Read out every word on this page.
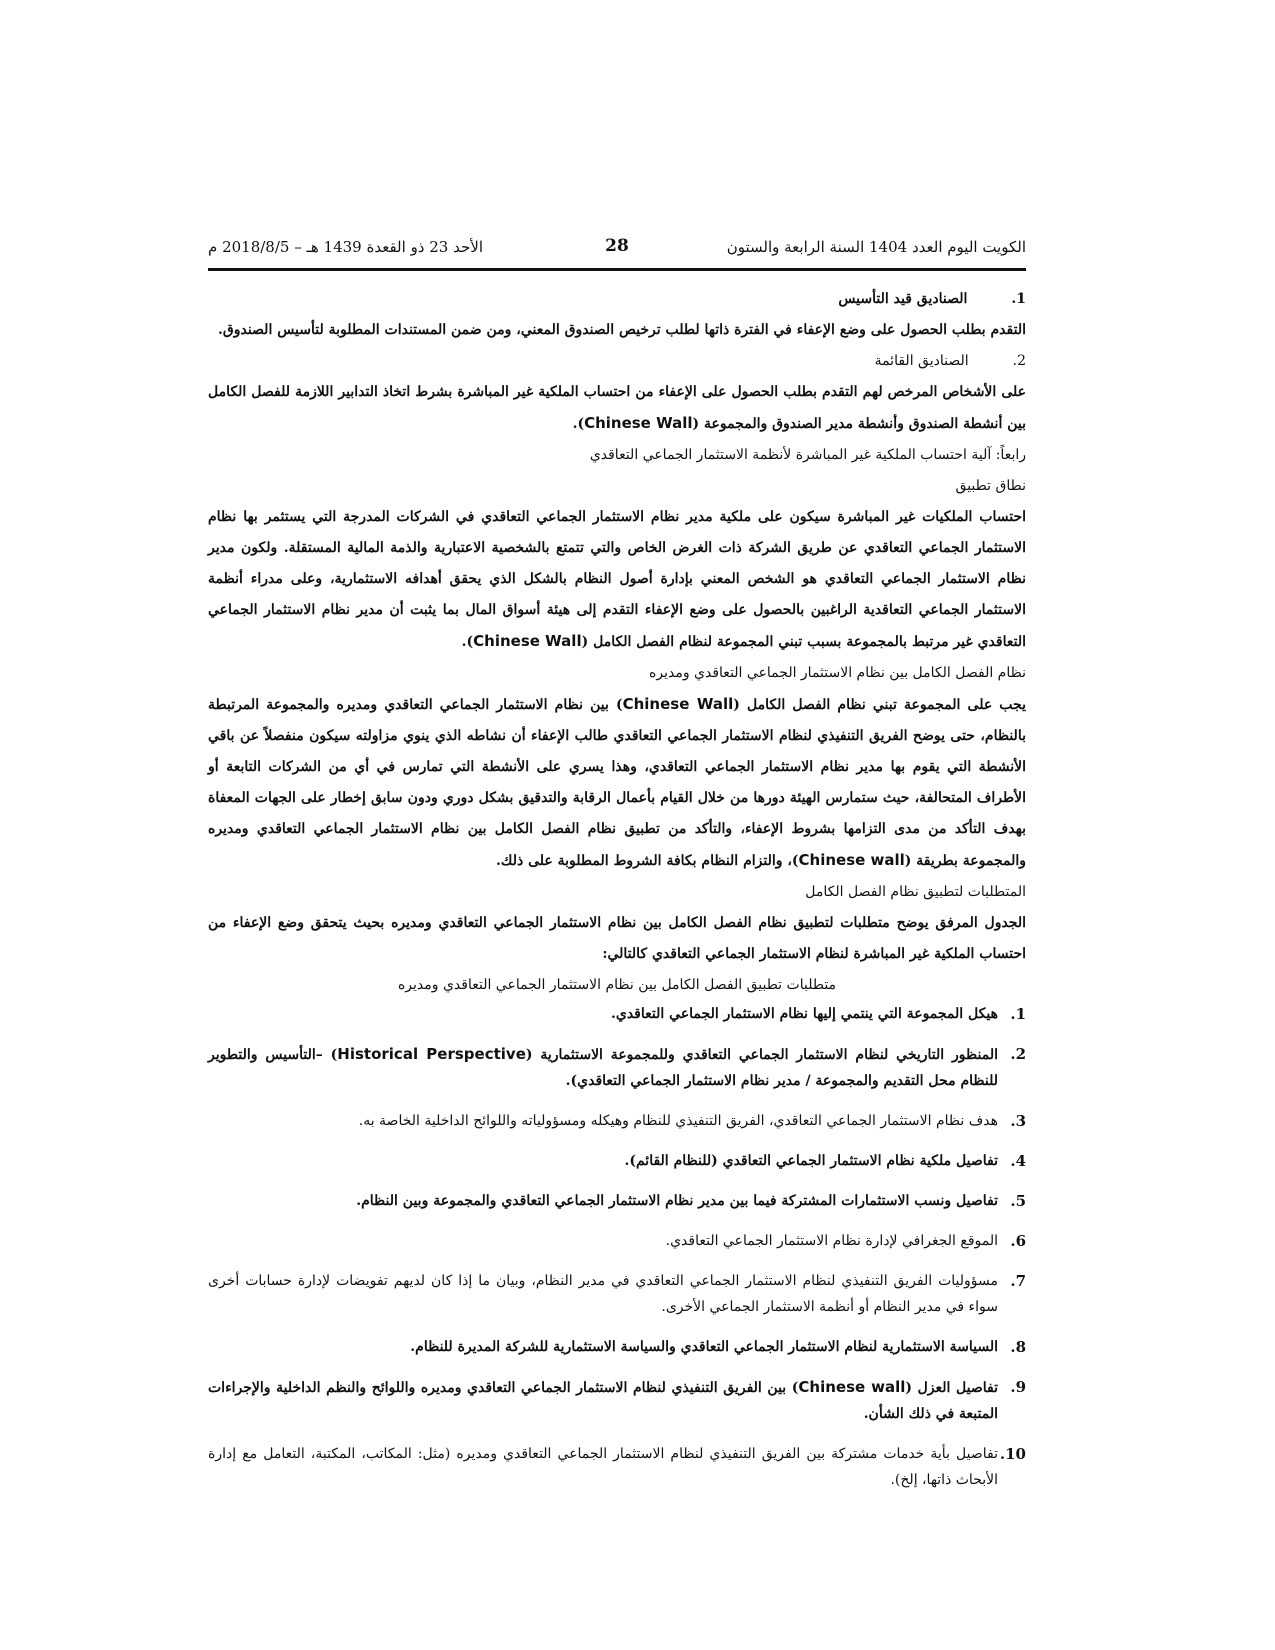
الكويت اليوم العدد 1404 السنة الرابعة والستون
28
الأحد 23 ذو القعدة 1439 هـ – 2018/8/5 م

1.
الصناديق قيد التأسيس

التقدم بطلب الحصول على وضع الإعفاء في الفترة ذاتها لطلب ترخيص الصندوق المعني، ومن ضمن المستندات المطلوبة لتأسيس الصندوق.

2.
الصناديق القائمة

على الأشخاص المرخص لهم التقدم بطلب الحصول على الإعفاء من احتساب الملكية غير المباشرة بشرط اتخاذ التدابير اللازمة للفصل الكامل بين أنشطة الصندوق وأنشطة مدير الصندوق والمجموعة (Chinese Wall).

رابعاً: آلية احتساب الملكية غير المباشرة لأنظمة الاستثمار الجماعي التعاقدي

نطاق تطبيق

احتساب الملكيات غير المباشرة سيكون على ملكية مدير نظام الاستثمار الجماعي التعاقدي في الشركات المدرجة التي يستثمر بها نظام الاستثمار الجماعي التعاقدي عن طريق الشركة ذات الغرض الخاص والتي تتمتع بالشخصية الاعتبارية والذمة المالية المستقلة. ولكون مدير نظام الاستثمار الجماعي التعاقدي هو الشخص المعني بإدارة أصول النظام بالشكل الذي يحقق أهدافه الاستثمارية، وعلى مدراء أنظمة الاستثمار الجماعي التعاقدية الراغبين بالحصول على وضع الإعفاء التقدم إلى هيئة أسواق المال بما يثبت أن مدير نظام الاستثمار الجماعي التعاقدي غير مرتبط بالمجموعة بسبب تبني المجموعة لنظام الفصل الكامل (Chinese Wall).

نظام الفصل الكامل بين نظام الاستثمار الجماعي التعاقدي ومديره

يجب على المجموعة تبني نظام الفصل الكامل (Chinese Wall) بين نظام الاستثمار الجماعي التعاقدي ومديره والمجموعة المرتبطة بالنظام، حتى يوضح الفريق التنفيذي لنظام الاستثمار الجماعي التعاقدي طالب الإعفاء أن نشاطه الذي ينوي مزاولته سيكون منفصلاً عن باقي الأنشطة التي يقوم بها مدير نظام الاستثمار الجماعي التعاقدي، وهذا يسري على الأنشطة التي تمارس في أي من الشركات التابعة أو الأطراف المتحالفة، حيث ستمارس الهيئة دورها من خلال القيام بأعمال الرقابة والتدقيق بشكل دوري ودون سابق إخطار على الجهات المعفاة بهدف التأكد من مدى التزامها بشروط الإعفاء، والتأكد من تطبيق نظام الفصل الكامل بين نظام الاستثمار الجماعي التعاقدي ومديره والمجموعة بطريقة (Chinese wall)، والتزام النظام بكافة الشروط المطلوبة على ذلك.

المتطلبات لتطبيق نظام الفصل الكامل

الجدول المرفق يوضح متطلبات لتطبيق نظام الفصل الكامل بين نظام الاستثمار الجماعي التعاقدي ومديره بحيث يتحقق وضع الإعفاء من احتساب الملكية غير المباشرة لنظام الاستثمار الجماعي التعاقدي كالتالي:

متطلبات تطبيق الفصل الكامل بين نظام الاستثمار الجماعي التعاقدي ومديره

1.
هيكل المجموعة التي ينتمي إليها نظام الاستثمار الجماعي التعاقدي.
2.
المنظور التاريخي لنظام الاستثمار الجماعي التعاقدي وللمجموعة الاستثمارية (Historical Perspective) –التأسيس والتطوير للنظام محل التقديم والمجموعة / مدير نظام الاستثمار الجماعي التعاقدي).
3.
هدف نظام الاستثمار الجماعي التعاقدي، الفريق التنفيذي للنظام وهيكله ومسؤولياته واللوائح الداخلية الخاصة به.
4.
تفاصيل ملكية نظام الاستثمار الجماعي التعاقدي (للنظام القائم).
5.
تفاصيل ونسب الاستثمارات المشتركة فيما بين مدير نظام الاستثمار الجماعي التعاقدي والمجموعة وبين النظام.
6.
الموقع الجغرافي لإدارة نظام الاستثمار الجماعي التعاقدي.
7.
مسؤوليات الفريق التنفيذي لنظام الاستثمار الجماعي التعاقدي في مدير النظام، وبيان ما إذا كان لديهم تفويضات لإدارة حسابات أخرى سواء في مدير النظام أو أنظمة الاستثمار الجماعي الأخرى.
8.
السياسة الاستثمارية لنظام الاستثمار الجماعي التعاقدي والسياسة الاستثمارية للشركة المديرة للنظام.
9.
تفاصيل العزل (Chinese wall) بين الفريق التنفيذي لنظام الاستثمار الجماعي التعاقدي ومديره واللوائح والنظم الداخلية والإجراءات المتبعة في ذلك الشأن.
10.
تفاصيل بأية خدمات مشتركة بين الفريق التنفيذي لنظام الاستثمار الجماعي التعاقدي ومديره (مثل: المكاتب، المكتبة، التعامل مع إدارة الأبحاث ذاتها، إلخ).
